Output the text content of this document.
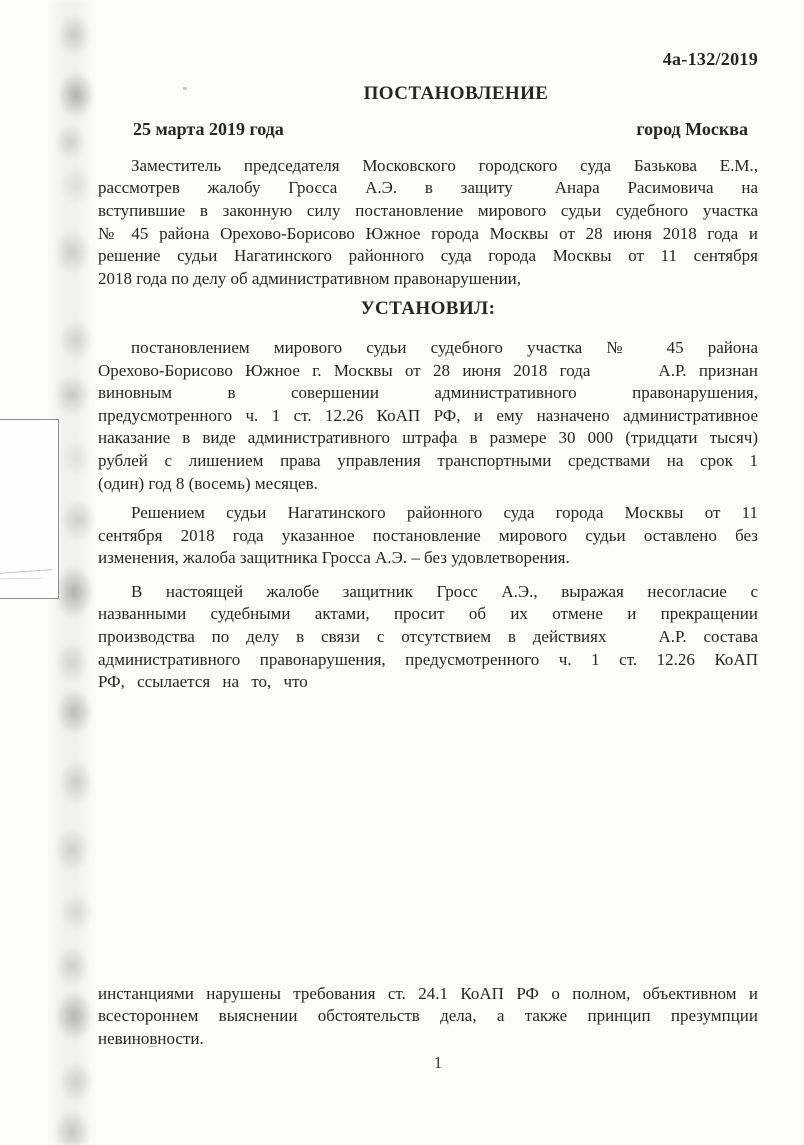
4а-132/2019
ПОСТАНОВЛЕНИЕ
25 марта 2019 года	город Москва
Заместитель председателя Московского городского суда Базькова Е.М.,
рассмотрев жалобу Гросса А.Э. в защиту Анара Расимовича на
вступившие в законную силу постановление мирового судьи судебного участка
№ 45 района Орехово-Борисово Южное города Москвы от 28 июня 2018 года и
решение судьи Нагатинского районного суда города Москвы от 11 сентября
2018 года по делу об административном правонарушении,
УСТАНОВИЛ:
постановлением мирового судьи судебного участка № 45 района
Орехово-Борисово Южное г. Москвы от 28 июня 2018 года	А.Р. признан
виновным в совершении административного правонарушения,
предусмотренного ч. 1 ст. 12.26 КоАП РФ, и ему назначено административное
наказание в виде административного штрафа в размере 30 000 (тридцати тысяч)
рублей с лишением права управления транспортными средствами на срок 1
(один) год 8 (восемь) месяцев.
Решением судьи Нагатинского районного суда города Москвы от 11
сентября 2018 года указанное постановление мирового судьи оставлено без
изменения, жалоба защитника Гросса А.Э. – без удовлетворения.
В настоящей жалобе защитник Гросс А.Э., выражая несогласие с
названными судебными актами, просит об их отмене и прекращении
производства по делу в связи с отсутствием в действиях	А.Р. состава
административного правонарушения, предусмотренного ч. 1 ст. 12.26 КоАП
РФ, ссылается на то, что
инстанциями нарушены требования ст. 24.1 КоАП РФ о полном, объективном и
всестороннем выяснении обстоятельств дела, а также принцип презумпции
невиновности.
1
